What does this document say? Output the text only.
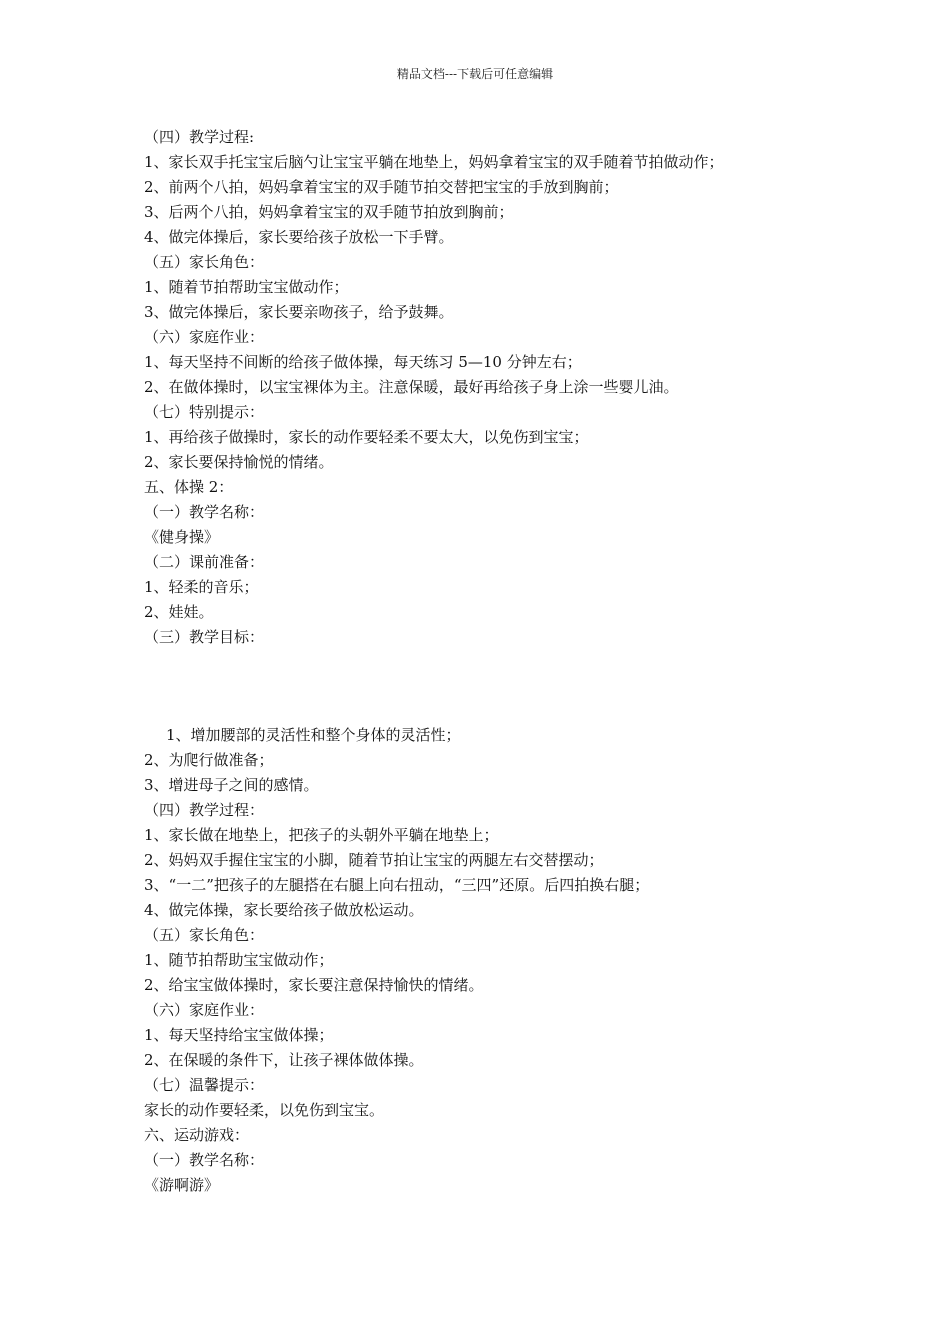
精品文档---下载后可任意编辑
（四）教学过程:
1、家长双手托宝宝后脑勺让宝宝平躺在地垫上，妈妈拿着宝宝的双手随着节拍做动作；
2、前两个八拍，妈妈拿着宝宝的双手随节拍交替把宝宝的手放到胸前；
3、后两个八拍，妈妈拿着宝宝的双手随节拍放到胸前；
4、做完体操后，家长要给孩子放松一下手臂。
（五）家长角色：
1、随着节拍帮助宝宝做动作；
3、做完体操后，家长要亲吻孩子，给予鼓舞。
（六）家庭作业：
1、每天坚持不间断的给孩子做体操，每天练习 5—10 分钟左右；
2、在做体操时，以宝宝裸体为主。注意保暖，最好再给孩子身上涂一些婴儿油。
（七）特别提示：
1、再给孩子做操时，家长的动作要轻柔不要太大，以免伤到宝宝；
2、家长要保持愉悦的情绪。
五、体操 2：
（一）教学名称：
《健身操》
（二）课前准备：
1、轻柔的音乐；
2、娃娃。
（三）教学目标：
1、增加腰部的灵活性和整个身体的灵活性；
2、为爬行做准备；
3、增进母子之间的感情。
（四）教学过程：
1、家长做在地垫上，把孩子的头朝外平躺在地垫上；
2、妈妈双手握住宝宝的小脚，随着节拍让宝宝的两腿左右交替摆动；
3、“一二”把孩子的左腿搭在右腿上向右扭动，“三四”还原。后四拍换右腿；
4、做完体操，家长要给孩子做放松运动。
（五）家长角色：
1、随节拍帮助宝宝做动作；
2、给宝宝做体操时，家长要注意保持愉快的情绪。
（六）家庭作业：
1、每天坚持给宝宝做体操；
2、在保暖的条件下，让孩子裸体做体操。
（七）温馨提示：
家长的动作要轻柔，以免伤到宝宝。
六、运动游戏：
（一）教学名称：
《游啊游》
